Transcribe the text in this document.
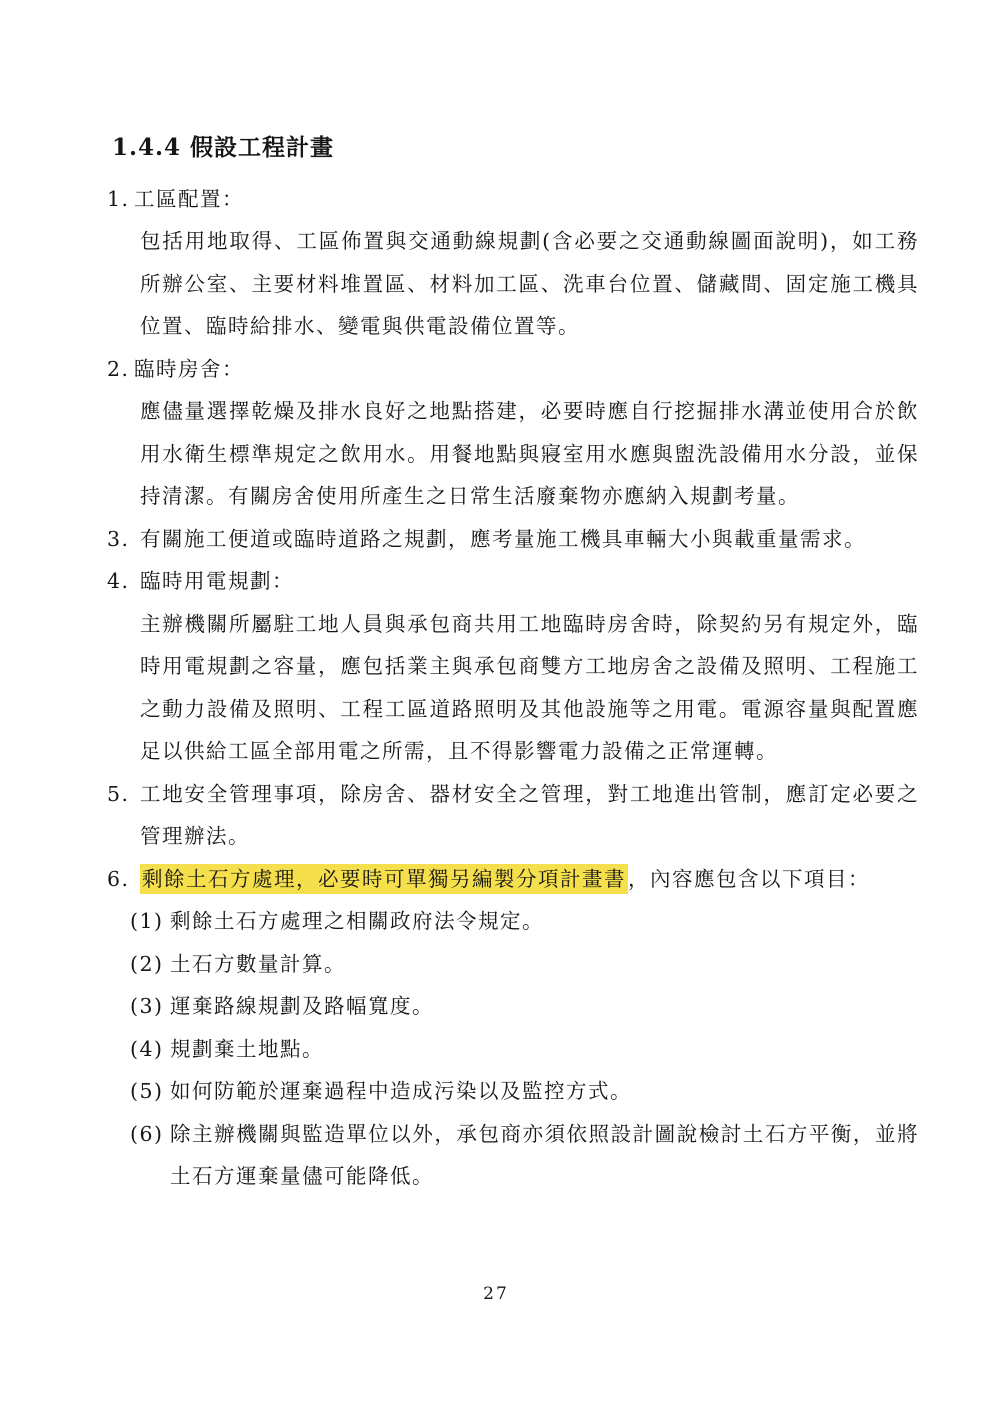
1.4.4 假設工程計畫
1. 工區配置：
包括用地取得、工區佈置與交通動線規劃(含必要之交通動線圖面說明)，如工務
所辦公室、主要材料堆置區、材料加工區、洗車台位置、儲藏間、固定施工機具
位置、臨時給排水、變電與供電設備位置等。
2. 臨時房舍：
應儘量選擇乾燥及排水良好之地點搭建，必要時應自行挖掘排水溝並使用合於飲
用水衛生標準規定之飲用水。用餐地點與寢室用水應與盥洗設備用水分設，並保
持清潔。有關房舍使用所產生之日常生活廢棄物亦應納入規劃考量。
3. 有關施工便道或臨時道路之規劃，應考量施工機具車輛大小與載重量需求。
4. 臨時用電規劃：
主辦機關所屬駐工地人員與承包商共用工地臨時房舍時，除契約另有規定外，臨
時用電規劃之容量，應包括業主與承包商雙方工地房舍之設備及照明、工程施工
之動力設備及照明、工程工區道路照明及其他設施等之用電。電源容量與配置應
足以供給工區全部用電之所需，且不得影響電力設備之正常運轉。
5. 工地安全管理事項，除房舍、器材安全之管理，對工地進出管制，應訂定必要之
管理辦法。
6. 剩餘土石方處理，必要時可單獨另編製分項計畫書，內容應包含以下項目：
(1) 剩餘土石方處理之相關政府法令規定。
(2) 土石方數量計算。
(3) 運棄路線規劃及路幅寬度。
(4) 規劃棄土地點。
(5) 如何防範於運棄過程中造成污染以及監控方式。
(6) 除主辦機關與監造單位以外，承包商亦須依照設計圖說檢討土石方平衡，並將
土石方運棄量儘可能降低。
27
